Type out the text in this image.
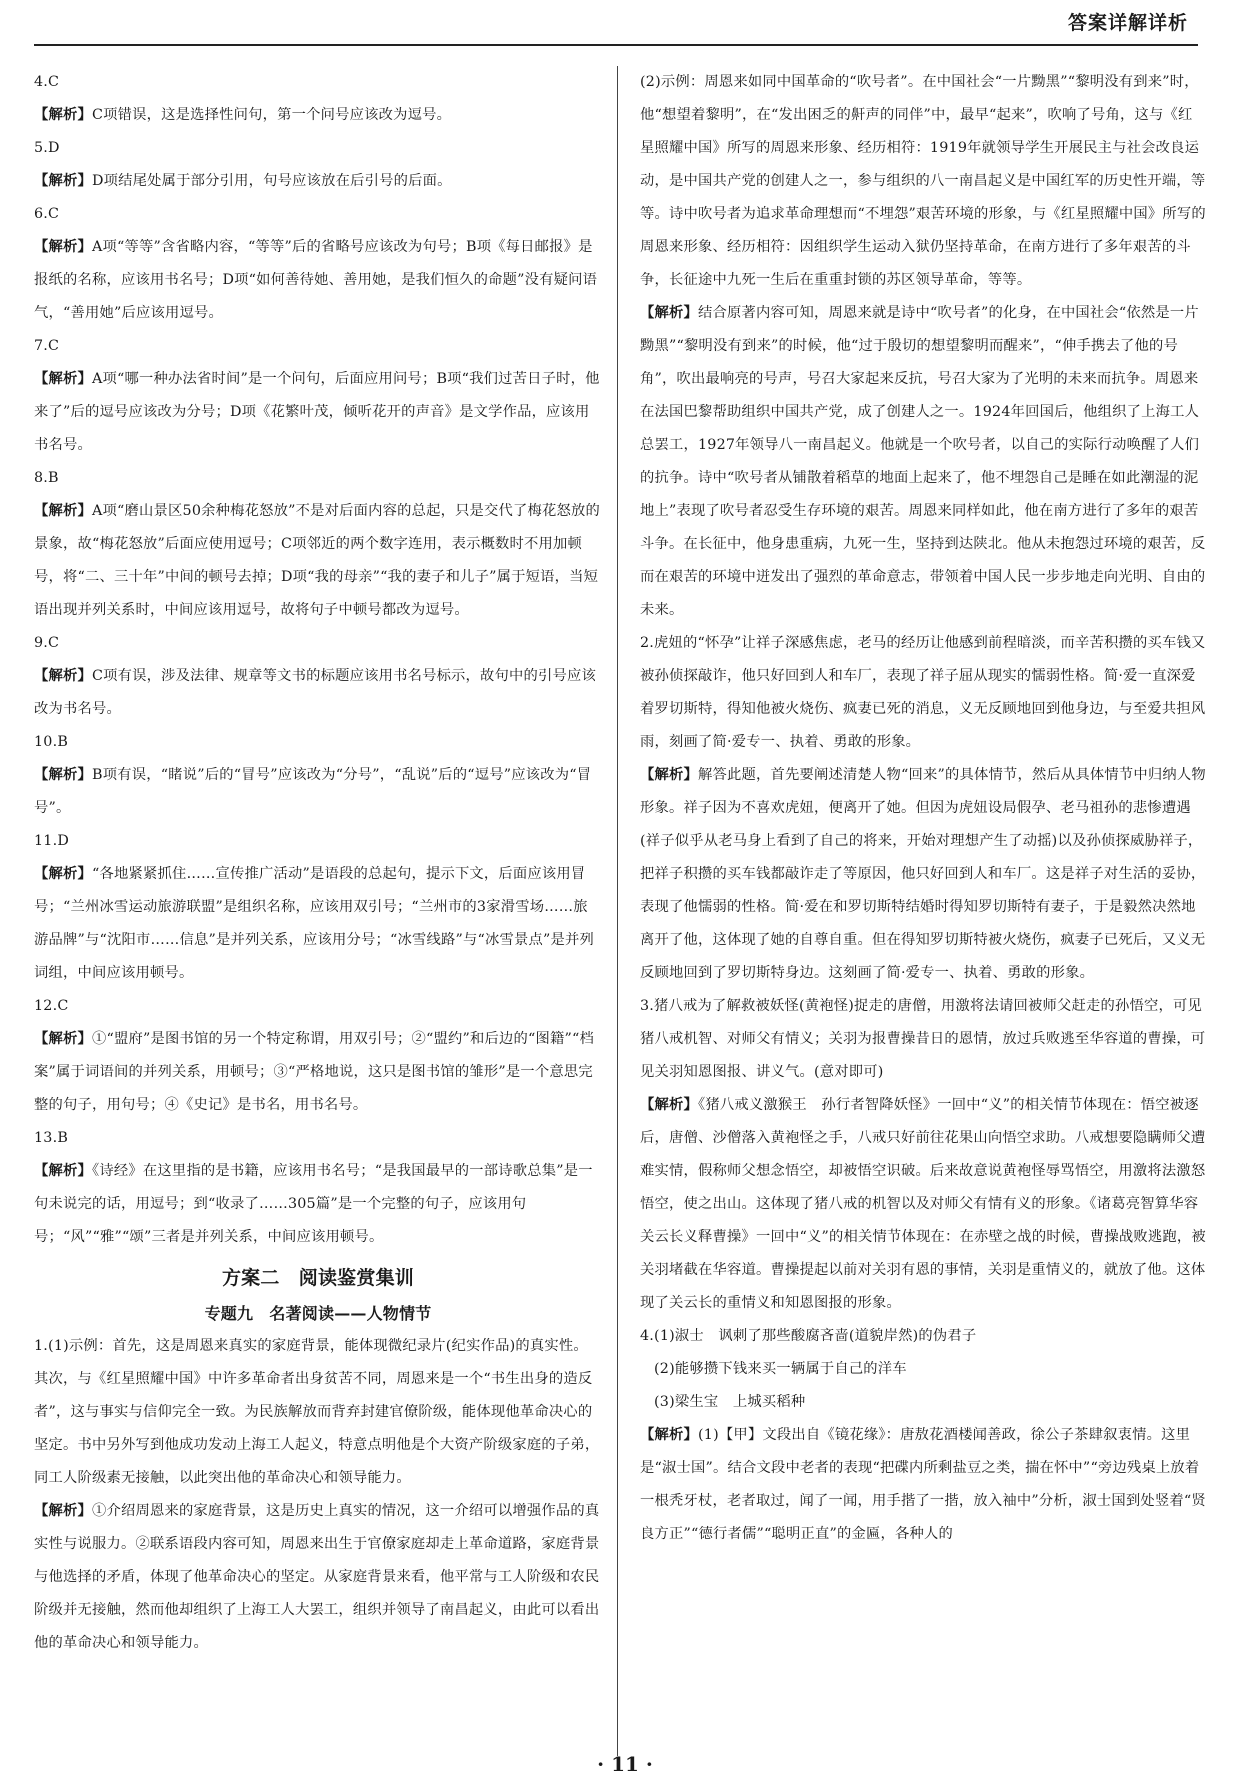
答案详解详析
4.C
【解析】C项错误，这是选择性问句，第一个问号应该改为逗号。
5.D
【解析】D项结尾处属于部分引用，句号应该放在后引号的后面。
6.C
【解析】A项“等等”含省略内容，“等等”后的省略号应该改为句号；B项《每日邮报》是报纸的名称，应该用书名号；D项“如何善待她、善用她，是我们恒久的命题”没有疑问语气，“善用她”后应该用逗号。
7.C
【解析】A项“哪一种办法省时间”是一个问句，后面应用问号；B项“我们过苦日子时，他来了”后的逗号应该改为分号；D项《花繁叶茂，倾听花开的声音》是文学作品，应该用书名号。
8.B
【解析】A项“磨山景区50余种梅花怒放”不是对后面内容的总起，只是交代了梅花怒放的景象，故“梅花怒放”后面应使用逗号；C项邻近的两个数字连用，表示概数时不用加顿号，将“二、三十年”中间的顿号去掉；D项“我的母亲”“我的妻子和儿子”属于短语，当短语出现并列关系时，中间应该用逗号，故将句子中顿号都改为逗号。
9.C
【解析】C项有误，涉及法律、规章等文书的标题应该用书名号标示，故句中的引号应该改为书名号。
10.B
【解析】B项有误，“睹说”后的“冒号”应该改为“分号”，“乱说”后的“逗号”应该改为“冒号”。
11.D
【解析】“各地紧紧抓住……宣传推广活动”是语段的总起句，提示下文，后面应该用冒号；“兰州冰雪运动旅游联盟”是组织名称，应该用双引号；“兰州市的3家滑雪场……旅游品牌”与“沈阳市……信息”是并列关系，应该用分号；“冰雪线路”与“冰雪景点”是并列词组，中间应该用顿号。
12.C
【解析】①“盟府”是图书馆的另一个特定称谓，用双引号；②“盟约”和后边的“图籍”“档案”属于词语间的并列关系，用顿号；③“严格地说，这只是图书馆的雏形”是一个意思完整的句子，用句号；④《史记》是书名，用书名号。
13.B
【解析】《诗经》在这里指的是书籍，应该用书名号；“是我国最早的一部诗歌总集”是一句未说完的话，用逗号；到“收录了……305篇”是一个完整的句子，应该用句号；“风”“雅”“颂”三者是并列关系，中间应该用顿号。
方案二　阅读鉴赏集训
专题九　名著阅读——人物情节
1.(1)示例：首先，这是周恩来真实的家庭背景，能体现微纪录片(纪实作品)的真实性。其次，与《红星照耀中国》中许多革命者出身贫苦不同，周恩来是一个“书生出身的造反者”，这与事实与信仰完全一致。为民族解放而背弃封建官僚阶级，能体现他革命决心的坚定。书中另外写到他成功发动上海工人起义，特意点明他是个大资产阶级家庭的子弟，同工人阶级素无接触，以此突出他的革命决心和领导能力。
【解析】①介绍周恩来的家庭背景，这是历史上真实的情况，这一介绍可以增强作品的真实性与说服力。②联系语段内容可知，周恩来出生于官僚家庭却走上革命道路，家庭背景与他选择的矛盾，体现了他革命决心的坚定。从家庭背景来看，他平常与工人阶级和农民阶级并无接触，然而他却组织了上海工人大罢工，组织并领导了南昌起义，由此可以看出他的革命决心和领导能力。
(2)示例：周恩来如同中国革命的“吹号者”。在中国社会“一片黝黑”“黎明没有到来”时，他“想望着黎明”，在“发出困乏的鼾声的同伴”中，最早“起来”，吹响了号角，这与《红星照耀中国》所写的周恩来形象、经历相符：1919年就领导学生开展民主与社会改良运动，是中国共产党的创建人之一，参与组织的八一南昌起义是中国红军的历史性开端，等等。诗中吹号者为追求革命理想而“不埋怨”艰苦环境的形象，与《红星照耀中国》所写的周恩来形象、经历相符：因组织学生运动入狱仍坚持革命，在南方进行了多年艰苦的斗争，长征途中九死一生后在重重封锁的苏区领导革命，等等。
【解析】结合原著内容可知，周恩来就是诗中“吹号者”的化身，在中国社会“依然是一片黝黑”“黎明没有到来”的时候，他“过于殷切的想望黎明而醒来”，“伸手携去了他的号角”，吹出最响亮的号声，号召大家起来反抗，号召大家为了光明的未来而抗争。周恩来在法国巴黎帮助组织中国共产党，成了创建人之一。1924年回国后，他组织了上海工人总罢工，1927年领导八一南昌起义。他就是一个吹号者，以自己的实际行动唤醒了人们的抗争。诗中“吹号者从铺散着稻草的地面上起来了，他不埋怨自己是睡在如此潮湿的泥地上”表现了吹号者忍受生存环境的艰苦。周恩来同样如此，他在南方进行了多年的艰苦斗争。在长征中，他身患重病，九死一生，坚持到达陕北。他从未抱怨过环境的艰苦，反而在艰苦的环境中迸发出了强烈的革命意志，带领着中国人民一步步地走向光明、自由的未来。
2.虎妞的“怀孕”让祥子深感焦虑，老马的经历让他感到前程暗淡，而辛苦积攒的买车钱又被孙侦探敲诈，他只好回到人和车厂，表现了祥子屈从现实的懦弱性格。简·爱一直深爱着罗切斯特，得知他被火烧伤、疯妻已死的消息，义无反顾地回到他身边，与至爱共担风雨，刻画了简·爱专一、执着、勇敢的形象。
【解析】解答此题，首先要阐述清楚人物“回来”的具体情节，然后从具体情节中归纳人物形象。祥子因为不喜欢虎妞，便离开了她。但因为虎妞设局假孕、老马祖孙的悲惨遭遇(祥子似乎从老马身上看到了自己的将来，开始对理想产生了动摇)以及孙侦探威胁祥子，把祥子积攒的买车钱都敲诈走了等原因，他只好回到人和车厂。这是祥子对生活的妥协，表现了他懦弱的性格。简·爱在和罗切斯特结婚时得知罗切斯特有妻子，于是毅然决然地离开了他，这体现了她的自尊自重。但在得知罗切斯特被火烧伤，疯妻子已死后，又义无反顾地回到了罗切斯特身边。这刻画了简·爱专一、执着、勇敢的形象。
3.猪八戒为了解救被妖怪(黄袍怪)捉走的唐僧，用激将法请回被师父赶走的孙悟空，可见猪八戒机智、对师父有情义；关羽为报曹操昔日的恩情，放过兵败逃至华容道的曹操，可见关羽知恩图报、讲义气。(意对即可)
【解析】《猪八戒义激猴王　孙行者智降妖怪》一回中“义”的相关情节体现在：悟空被逐后，唐僧、沙僧落入黄袍怪之手，八戒只好前往花果山向悟空求助。八戒想要隐瞒师父遭难实情，假称师父想念悟空，却被悟空识破。后来故意说黄袍怪辱骂悟空，用激将法激怒悟空，使之出山。这体现了猪八戒的机智以及对师父有情有义的形象。《诸葛亮智算华容　关云长义释曹操》一回中“义”的相关情节体现在：在赤壁之战的时候，曹操战败逃跑，被关羽堵截在华容道。曹操提起以前对关羽有恩的事情，关羽是重情义的，就放了他。这体现了关云长的重情义和知恩图报的形象。
4.(1)淑士　讽刺了那些酸腐吝啬(道貌岸然)的伪君子
(2)能够攒下钱来买一辆属于自己的洋车
(3)梁生宝　上城买稻种
【解析】(1)【甲】文段出自《镜花缘》：唐敖花酒楼闻善政，徐公子茶肆叙衷情。这里是“淑士国”。结合文段中老者的表现“把碟内所剩盐豆之类，揣在怀中”“旁边残桌上放着一根秃牙杖，老者取过，闻了一闻，用手揩了一揩，放入袖中”分析，淑士国到处竖着“贤良方正”“德行者儒”“聪明正直”的金匾，各种人的
· 11 ·
